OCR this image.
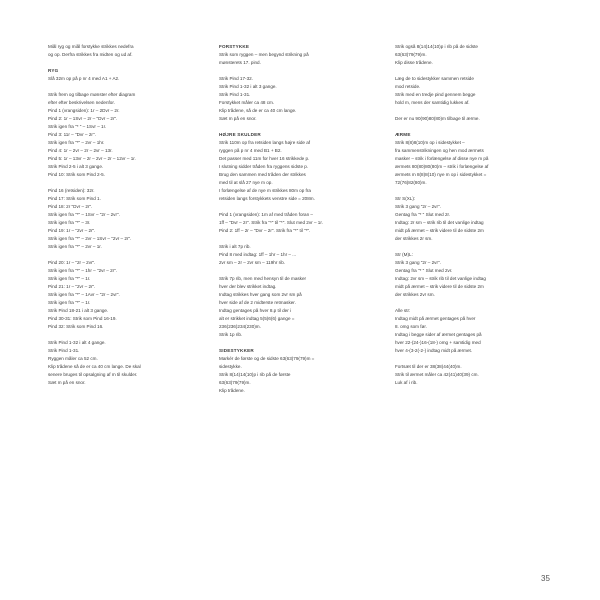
Miål ryg og miål forstykke strikkes nedefra
og op. Derfra strikkes fra midten og ud af.
RYG
Slå 32m op på p nr 4 med A1 + A2.
Strik frem og tilbage mønster efter diagram
efter efter beskrivelsen nedenfor.
Pind 1 (vrangsiden): 1r – 2Dvr – 2r.
Pind 2: 1r – 1Svr – 2r – "Dvr – 2r".
Strik igen fra "* " – 1Svr – 1r.
Pind 3: 11r – "Dvr – 2r".
Strik igen fra "*" – 2vr – 1hr.
Pind 4: 1r – 2vr – 2r – 2vr – 13r.
Pind 5: 1r – 13vr – 2r – 2vr – 2r – 12vr – 1r.
Strik Pind 2-5 i alt 3 gange.
Pind 10: Strik som Pind 2-5.
Pind 16 (retsiden): 32r.
Pind 17: Strik som Pind 1.
Pind 18: 2r "Dvr – 2r".
Strik igen fra "*" – 1Svr – "2r – 2vr".
Strik igen fra "*" – 3r.
Pind 19: 1r – "2vr – 2r".
Strik igen fra "*" – 2vr – 1Svr – "2vr – 2r".
Strik igen fra "*" – 2vr – 1r.
Pind 20: 1r – "2r – 2vr".
Strik igen fra "*" – 1hr – "2vr – 2r".
Strik igen fra "*" – 1r.
Pind 21: 1r – "2vr – 2r".
Strik igen fra "*" – 1Avr – "2r – 2vr".
Strik igen fra "*" – 1r.
Strik Pind 18-21 i alt 3 gange.
Pind 30-31: Strik som Pind 16-19.
Pind 32: Strik som Pind 16.
Strik Pind 1-32 i alt 4 gange.
Strik Pind 1-31.
Ryggen måler ca 52 cm.
Klip trådene så de er ca 40 cm lange. De skal
senere bruges til opsalgning af m til skulder.
Sæt m på en snor.
FORSTYKKE
Strik som ryggen – men begynd strikning på
mønsterets 17. pind.
Strik Pind 17-32.
Strik Pind 1-32 i alt 3 gange.
Strik Pind 1-31.
Forstykket måler ca 48 cm.
Klip trådene, så de er ca 40 cm lange.
Sæt m på en snor.
HØJRE SKULDER
Strik 110m op fra retsiden langs højre side af
ryggen på p nr 4 med B1 + B2.
Det passer med 11m for hver 16 strikkede p.
I slutning sidder tråden fra ryggens sidste p.
Brug den sammen med tråden der strikkes
med til at slå 27 nye m op.
I forlængelse af de nye m strikkes 80m op fra
retsiden langs forstykkets venstre side = 208m.
Pind 1 (vrangsiden): 1m af med tråden foran –
1ff – "Dvr – 2r". Strik fra "*" til "*". Slut med 2vr – 1r.
Pind 2: 1ff – 2r – "Dvr – 2r". Strik fra "*" til "*".
Strik i alt 7p rib.
Pind 8 med indtag: 1ff – 1hr – 1hr – ...
2vr sm – 2r – 2vr sm – 119hr rib.
Strik 7p rib, men med hensyn til de masker
hver der blev strikket indtag.
Indtag strikkes hver gang som 2vr sm på
hver side af de 2 midterste retmasker.
Indtag gentages på hver 8.p til der i
alt er strikket indtag 5(5)6(6) gange =
236(236)234(230)m.
Strik 1p rib.
SIDESTYKKER
Markér de første og de sidste 63(63)79(79)m =
sidestykke.
Strik 8(14)14(10)p i rib på de første
63(63)79(79)m.
Klip trådene.
Strik også 8(14)14(10)p i rib på de sidste
63(63)79(79)m.
Klip disse trådene.
Læg de to sidestykker sammen retside
mod retside.
Strik med en tredje pind gennem begge
hold m, mens der samtidig lukkes af.
Der er nu 90(90)80(80)m tilbage til ærme.
ÆRME
Strik 8(8)8(10)m op i sidestykket –
fra sammenstrikningen og hen mod ærmets
masker – strik i forlængelse af disse nye m på
ærmets 80(80)80(80)m – strik i forlængelse af
ærmets m 8(8)8(10) nye m op i sidestykket =
72(76)82(80)m.
Str S(XL):
Strik 3 gang "2r – 2vr".
Gentag fra "* " Slut med 2r.
Indtag: 2r sm – strik rib til det vanlige indtag
midt på ærmet – strik videre til de sidste 2m
der strikkes 2r sm.
Str (M)L:
Strik 3 gang "2r – 2vr".
Gentag fra "* " Slut med 2vr.
Indtag: 2vr sm – strik rib til det vanlige indtag
midt på ærmet – strik videre til de sidste 2m
der strikkes 2vr sm.
Alle str:
Indtag midt på ærmet gentages på hver
8. omg som før.
Indtag i begge sider af ærmet gentages på
hver 22-(24-)16-(18-) omg + samtidig med
hver 4-(3-2(-2-) indtag midt på ærmet.
Fortsæt til der er 38(38)44(40)m.
Strik til ærmet måler ca 42(41)40(39) cm.
Luk af i rib.
35
